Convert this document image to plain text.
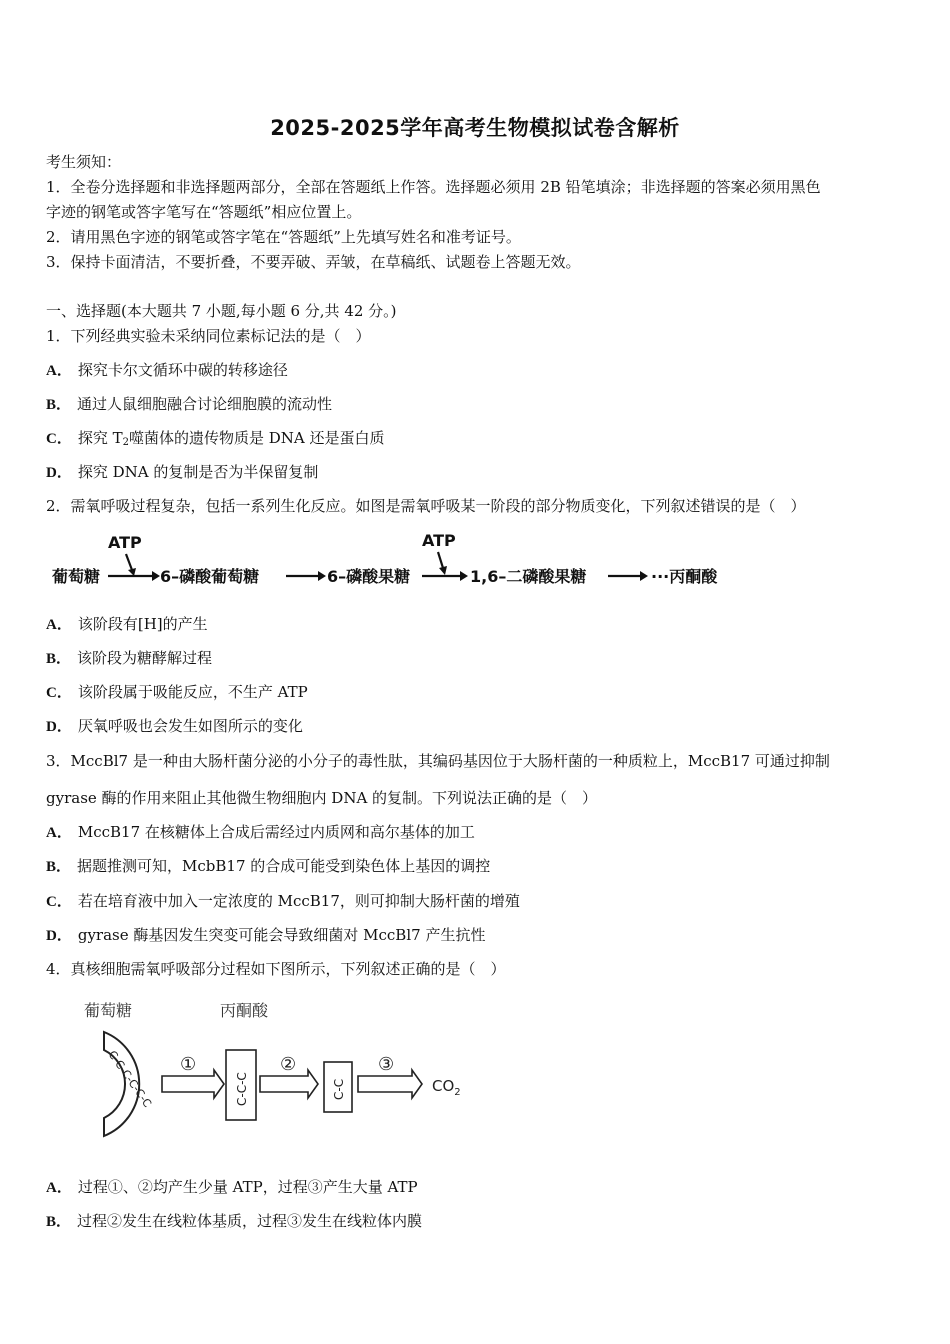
2025-2025学年高考生物模拟试卷含解析
考生须知：
1．全卷分选择题和非选择题两部分，全部在答题纸上作答。选择题必须用 2B 铅笔填涂；非选择题的答案必须用黑色
字迹的钢笔或答字笔写在“答题纸”相应位置上。
2．请用黑色字迹的钢笔或答字笔在“答题纸”上先填写姓名和准考证号。
3．保持卡面清洁，不要折叠，不要弄破、弄皱，在草稿纸、试题卷上答题无效。
一、选择题(本大题共 7 小题,每小题 6 分,共 42 分。)
1．下列经典实验未采纳同位素标记法的是（　）
A． 探究卡尔文循环中碳的转移途径
B． 通过人鼠细胞融合讨论细胞膜的流动性
C． 探究 $T_2$噬菌体的遗传物质是 DNA 还是蛋白质
D． 探究 DNA 的复制是否为半保留复制
2．需氧呼吸过程复杂，包括一系列生化反应。如图是需氧呼吸某一阶段的部分物质变化，下列叙述错误的是（　）
ATP	ATP
葡萄糖	6–磷酸葡萄糖	6–磷酸果糖	1,6–二磷酸果糖	···丙酮酸
A． 该阶段有[H]的产生
B． 该阶段为糖酵解过程
C． 该阶段属于吸能反应，不生产 ATP
D． 厌氧呼吸也会发生如图所示的变化
3．MccBl7 是一种由大肠杆菌分泌的小分子的毒性肽，其编码基因位于大肠杆菌的一种质粒上，MccB17 可通过抑制
gyrase 酶的作用来阻止其他微生物细胞内 DNA 的复制。下列说法正确的是（　）
A． MccB17 在核糖体上合成后需经过内质网和高尔基体的加工
B． 据题推测可知，McbB17 的合成可能受到染色体上基因的调控
C． 若在培育液中加入一定浓度的 MccB17，则可抑制大肠杆菌的增殖
D． gyrase 酶基因发生突变可能会导致细菌对 MccBl7 产生抗性
4．真核细胞需氧呼吸部分过程如下图所示，下列叙述正确的是（　）
葡萄糖	丙酮酸
C-C-C-C-C-C ①
C-C-C
②
C-C
③
$CO_2$
A． 过程①、②均产生少量 ATP，过程③产生大量 ATP
B． 过程②发生在线粒体基质，过程③发生在线粒体内膜
